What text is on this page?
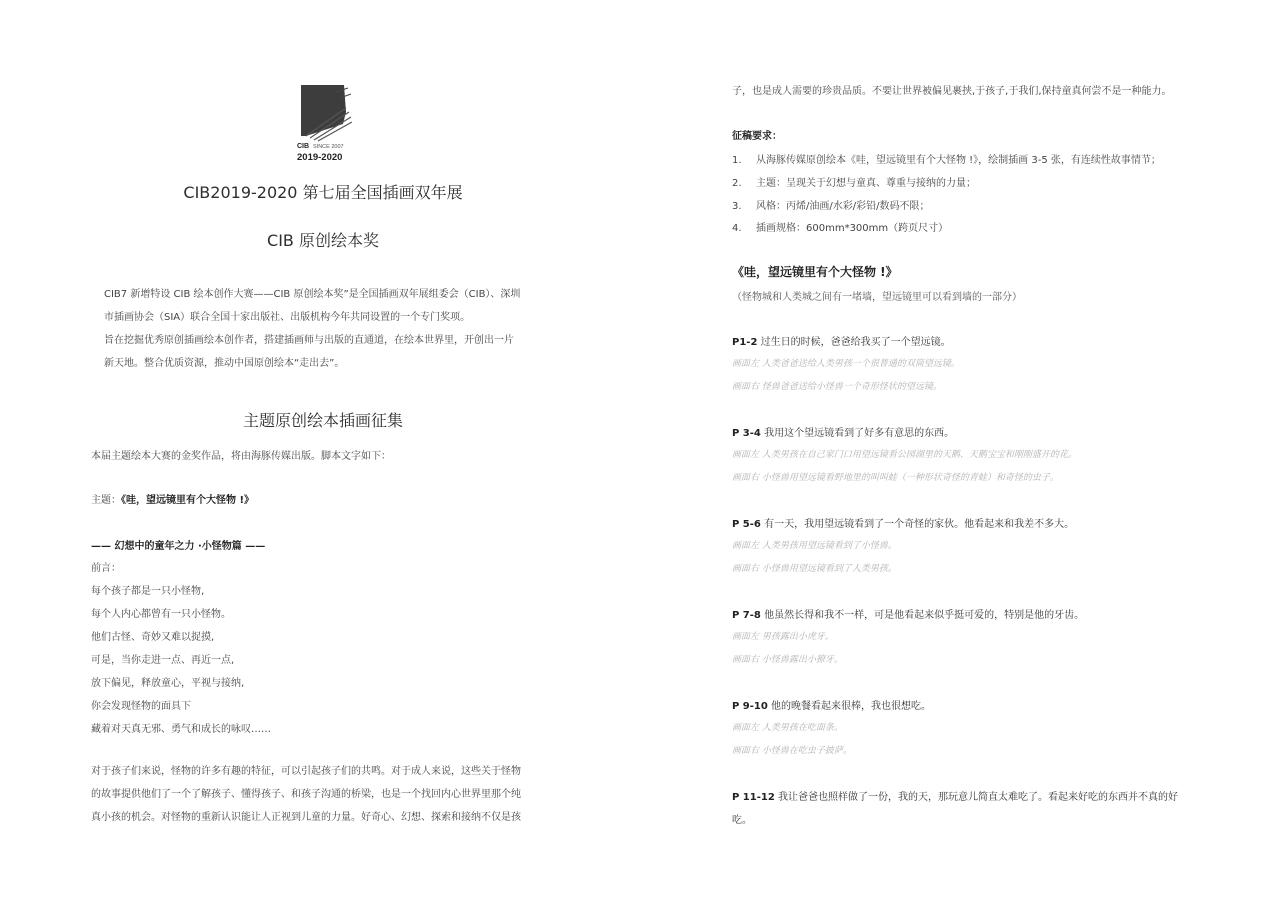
CIB SINCE 2007
2019-2020
CIB2019-2020 第七届全国插画双年展
CIB 原创绘本奖
CIB7 新增特设 CIB 绘本创作大赛——CIB 原创绘本奖”是全国插画双年展组委会（CIB）、深圳
市插画协会（SIA）联合全国十家出版社、出版机构今年共同设置的一个专门奖项。
旨在挖掘优秀原创插画绘本创作者，搭建插画师与出版的直通道，在绘本世界里，开创出一片
新天地。整合优质资源，推动中国原创绘本“走出去”。
主题原创绘本插画征集
本届主题绘本大赛的金奖作品，将由海豚传媒出版。脚本文字如下：
主题：《哇，望远镜里有个大怪物 !》
—— 幻想中的童年之力 ·小怪物篇 ——
前言：
每个孩子都是一只小怪物,
每个人内心都曾有一只小怪物。
他们古怪、奇妙又难以捉摸,
可是，当你走进一点、再近一点,
放下偏见，释放童心，平视与接纳,
你会发现怪物的面具下
藏着对天真无邪、勇气和成长的咏叹……
对于孩子们来说，怪物的许多有趣的特征，可以引起孩子们的共鸣。对于成人来说，这些关于怪物
的故事提供他们了一个了解孩子、懂得孩子、和孩子沟通的桥梁，也是一个找回内心世界里那个纯
真小孩的机会。对怪物的重新认识能让人正视到儿童的力量。好奇心、幻想、探索和接纳不仅是孩
子，也是成人需要的珍贵品质。不要让世界被偏见裹挟,于孩子,于我们,保持童真何尝不是一种能力。
征稿要求：
1. 从海豚传媒原创绘本《哇，望远镜里有个大怪物 !》，绘制插画 3-5 张，有连续性故事情节；
2. 主题：呈现关于幻想与童真、尊重与接纳的力量；
3. 风格：丙烯/油画/水彩/彩铅/数码不限；
4. 插画规格：600mm*300mm（跨页尺寸）
《哇，望远镜里有个大怪物 !》
（怪物城和人类城之间有一堵墙，望远镜里可以看到墙的一部分）
P1-2 过生日的时候，爸爸给我买了一个望远镜。
画面左 人类爸爸送给人类男孩一个很普通的双筒望远镜。
画面右 怪兽爸爸送给小怪兽一个奇形怪状的望远镜。
P 3-4 我用这个望远镜看到了好多有意思的东西。
画面左 人类男孩在自己家门口用望远镜看公园湖里的天鹅、天鹅宝宝和刚刚盛开的花。
画面右 小怪兽用望远镜看野地里的叫叫蛙（一种形状奇怪的青蛙）和奇怪的虫子。
P 5-6 有一天，我用望远镜看到了一个奇怪的家伙。他看起来和我差不多大。
画面左 人类男孩用望远镜看到了小怪兽。
画面右 小怪兽用望远镜看到了人类男孩。
P 7-8 他虽然长得和我不一样，可是他看起来似乎挺可爱的，特别是他的牙齿。
画面左 男孩露出小虎牙。
画面右 小怪兽露出小獠牙。
P 9-10 他的晚餐看起来很棒，我也很想吃。
画面左 人类男孩在吃面条。
画面右 小怪兽在吃虫子披萨。
P 11-12 我让爸爸也照样做了一份，我的天，那玩意儿简直太难吃了。看起来好吃的东西并不真的好
吃。
